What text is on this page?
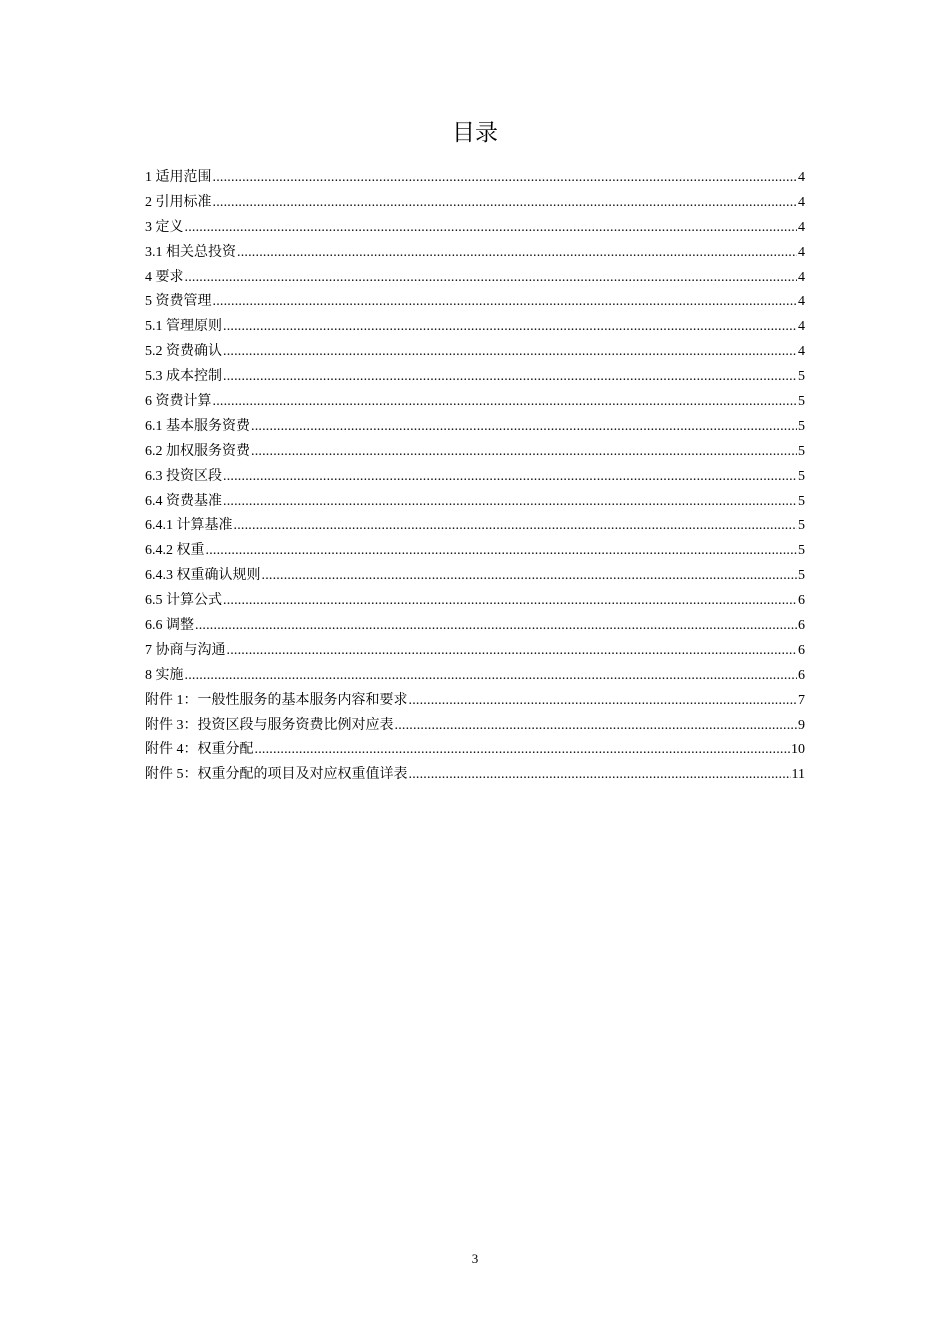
目录
1 适用范围 .....	4
2 引用标准 .....	4
3 定义 .....	4
3.1 相关总投资 .....	4
4 要求 .....	4
5 资费管理 .....	4
5.1 管理原则 .....	4
5.2 资费确认 .....	4
5.3 成本控制 .....	5
6 资费计算 .....	5
6.1 基本服务资费 .....	5
6.2 加权服务资费 .....	5
6.3 投资区段 .....	5
6.4 资费基准 .....	5
6.4.1 计算基准 .....	5
6.4.2 权重 .....	5
6.4.3 权重确认规则 .....	5
6.5 计算公式 .....	6
6.6 调整 .....	6
7 协商与沟通 .....	6
8 实施 .....	6
附件 1：一般性服务的基本服务内容和要求 .....	7
附件 3：投资区段与服务资费比例对应表 .....	9
附件 4：权重分配 .....	10
附件 5：权重分配的项目及对应权重值详表 .....	11
3
